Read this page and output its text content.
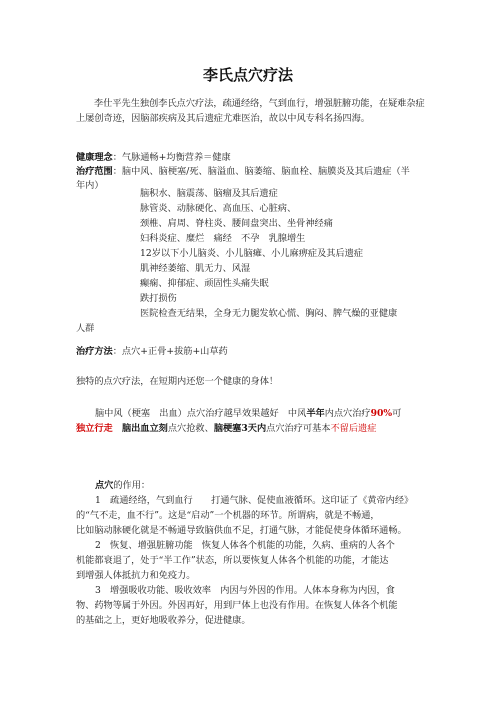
李氏点穴疗法
李仕平先生独创李氏点穴疗法，疏通经络，气到血行，增强脏腑功能，在疑难杂症上屡创奇迹，因脑部疾病及其后遗症尤难医治，故以中风专科名扬四海。
健康理念：气脉通畅+均衡营养＝健康
治疗范围：脑中风、脑梗塞/死、脑溢血、脑萎缩、脑血栓、脑膜炎及其后遗症（半
年内）
脑积水、脑震荡、脑瘤及其后遗症
脉管炎、动脉硬化、高血压、心脏病、
颈椎、肩周、脊柱炎、腰间盘突出、坐骨神经痛
妇科炎症、糜烂　痛经　不孕　乳腺增生
12岁以下小儿脑炎、小儿脑瘫、小儿麻痹症及其后遗症
肌神经萎缩、肌无力、风湿
癫痫、抑郁症、顽固性头痛失眠
跌打损伤
医院检查无结果，全身无力腿发软心慌、胸闷、脾气燥的亚健康
人群
治疗方法：点穴+正骨+拔筋+山草药
独特的点穴疗法，在短期内还您一个健康的身体！
脑中风（梗塞　出血）点穴治疗越早效果越好　中风半年内点穴治疗90%可
独立行走　 脑出血立刻点穴抢救、脑梗塞3天内点穴治疗可基本不留后遗症
点穴的作用：
1　疏通经络，气到血行　　打通气脉、促使血液循环。这印证了《黄帝内经》
的“气不走，血不行”。这是“启动”一个机器的环节。所谓病，就是不畅通，
比如脑动脉硬化就是不畅通导致脑供血不足，打通气脉，才能促使身体循环通畅。
2　恢复、增强脏腑功能　恢复人体各个机能的功能，久病、重病的人各个
机能都衰退了，处于“半工作”状态，所以要恢复人体各个机能的功能，才能达
到增强人体抵抗力和免疫力。
3　增强吸收功能、吸收效率　内因与外因的作用。人体本身称为内因，食
物、药物等属于外因。外因再好，用到尸体上也没有作用。在恢复人体各个机能
的基础之上，更好地吸收养分，促进健康。
